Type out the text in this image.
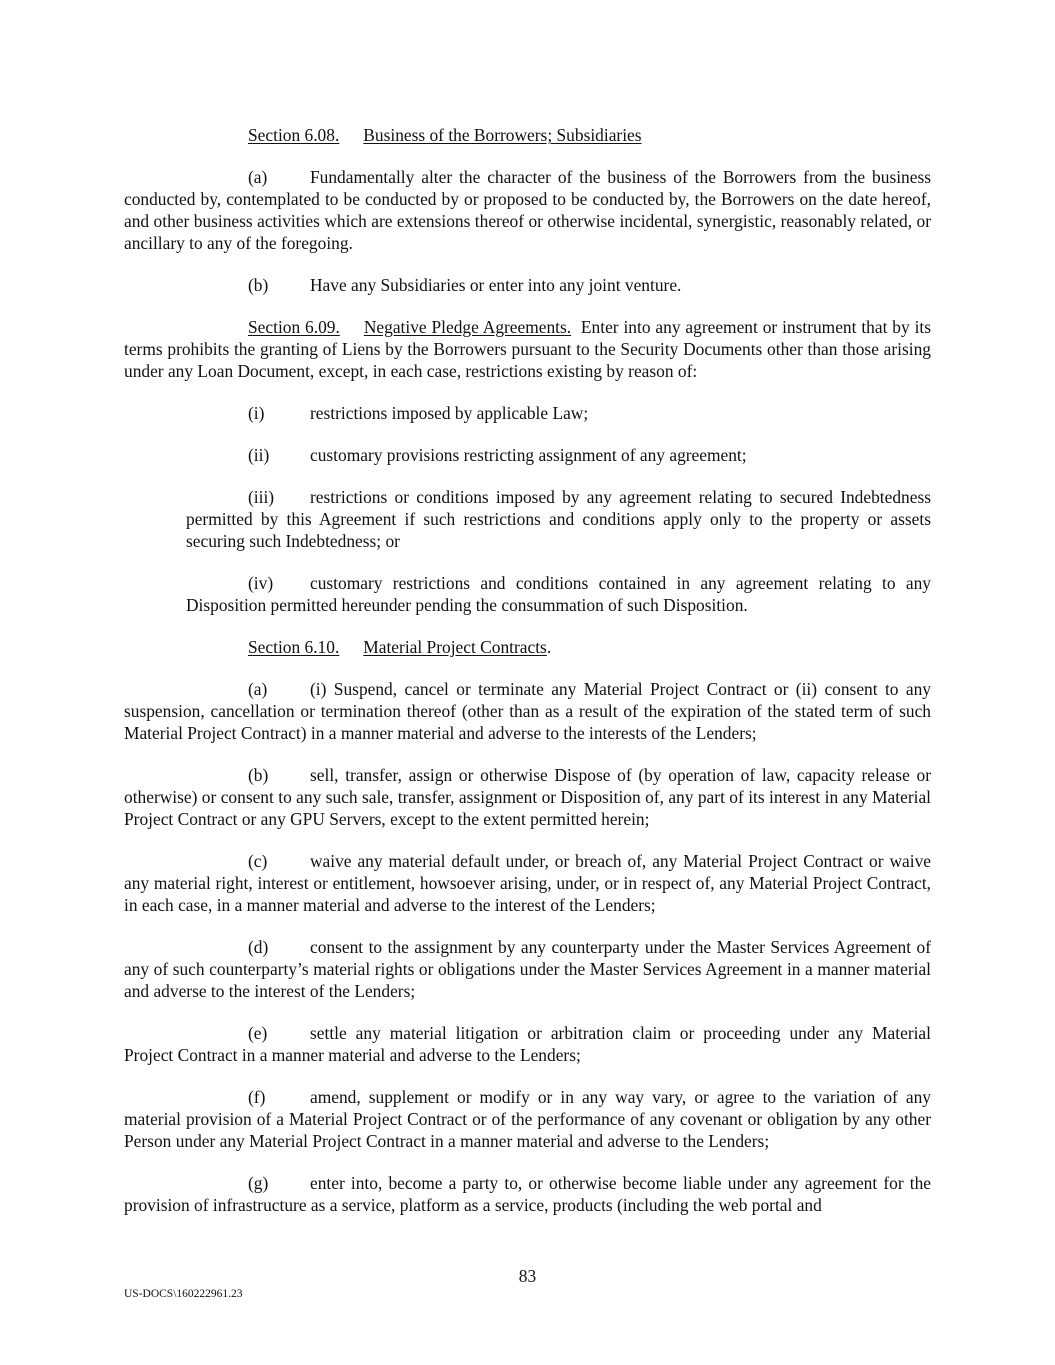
Section 6.08. Business of the Borrowers; Subsidiaries

(a) Fundamentally alter the character of the business of the Borrowers from the business conducted by, contemplated to be conducted by or proposed to be conducted by, the Borrowers on the date hereof, and other business activities which are extensions thereof or otherwise incidental, synergistic, reasonably related, or ancillary to any of the foregoing.

(b) Have any Subsidiaries or enter into any joint venture.

Section 6.09. Negative Pledge Agreements. Enter into any agreement or instrument that by its terms prohibits the granting of Liens by the Borrowers pursuant to the Security Documents other than those arising under any Loan Document, except, in each case, restrictions existing by reason of:

(i)	restrictions imposed by applicable Law;

(ii) customary provisions restricting assignment of any agreement;

(iii) restrictions or conditions imposed by any agreement relating to secured Indebtedness permitted by this Agreement if such restrictions and conditions apply only to the property or assets securing such Indebtedness; or

(iv) customary restrictions and conditions contained in any agreement relating to any Disposition permitted hereunder pending the consummation of such Disposition.

Section 6.10. Material Project Contracts.

(a) (i) Suspend, cancel or terminate any Material Project Contract or (ii) consent to any suspension, cancellation or termination thereof (other than as a result of the expiration of the stated term of such Material Project Contract) in a manner material and adverse to the interests of the Lenders;

(b) sell, transfer, assign or otherwise Dispose of (by operation of law, capacity release or otherwise) or consent to any such sale, transfer, assignment or Disposition of, any part of its interest in any Material Project Contract or any GPU Servers, except to the extent permitted herein;

(c) waive any material default under, or breach of, any Material Project Contract or waive any material right, interest or entitlement, howsoever arising, under, or in respect of, any Material Project Contract, in each case, in a manner material and adverse to the interest of the Lenders;

(d) consent to the assignment by any counterparty under the Master Services Agreement of any of such counterparty’s material rights or obligations under the Master Services Agreement in a manner material and adverse to the interest of the Lenders;

(e) settle any material litigation or arbitration claim or proceeding under any Material Project Contract in a manner material and adverse to the Lenders;

(f)	amend, supplement or modify or in any way vary, or agree to the variation of any material provision of a Material Project Contract or of the performance of any covenant or obligation by any other Person under any Material Project Contract in a manner material and adverse to the Lenders;

(g) enter into, become a party to, or otherwise become liable under any agreement for the provision of infrastructure as a service, platform as a service, products (including the web portal and

83
US-DOCS\160222961.23
